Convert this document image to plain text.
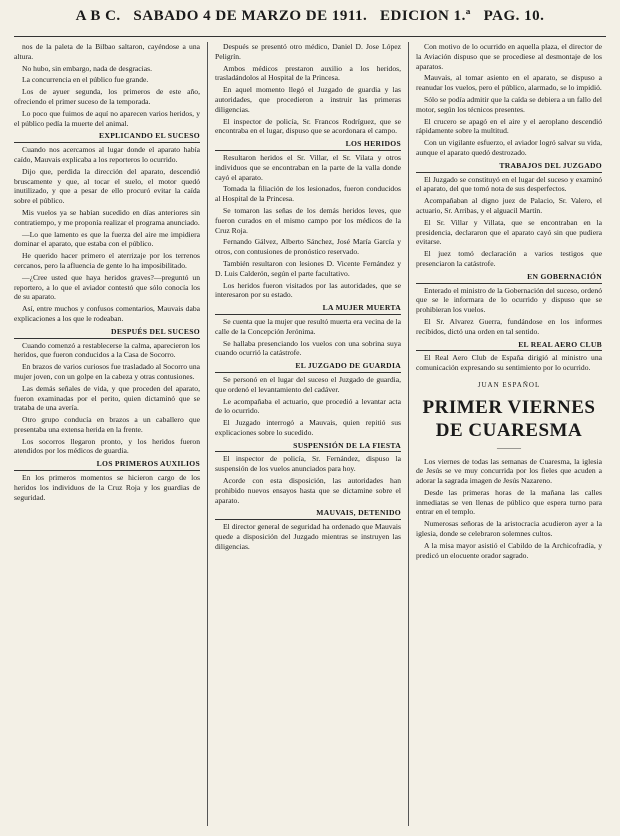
A B C. SABADO 4 DE MARZO DE 1911. EDICION 1.ª PAG. 10.

nos de la paleta de la Bilbao saltaron, cayéndose a una altura.

No hubo, sin embargo, nada de desgracias.

La concurrencia en el público fue grande.

Los de ayuer segunda, los primeros de este año, ofreciendo el primer suceso de la temporada.

Lo poco que fuimos de aquí no aparecen varios heridos, y el público pedía la muerte del animal.

EXPLICANDO EL SUCESO

Cuando nos acercamos al lugar donde el aparato había caído, Mauvais explicaba a los reporteros lo ocurrido.

Dijo que, perdida la dirección del aparato, descendió bruscamente y que, al tocar el suelo, el motor quedó inutilizado, y que a pesar de ello procuró evitar la caída sobre el público.

Mis vuelos ya se habían sucedido en días anteriores sin contratiempo, y me proponía realizar el programa anunciado.

—Lo que lamento es que la fuerza del aire me impidiera dominar el aparato, que estaba con el público.

He querido hacer primero el aterrizaje por los terrenos cercanos, pero la afluencia de gente lo ha imposibilitado.

—¿Cree usted que haya heridos graves?—preguntó un reportero, a lo que el aviador contestó que sólo conocía los de su aparato.

Así, entre muchos y confusos comentarios, Mauvais daba explicaciones a los que le rodeaban.

DESPUÉS DEL SUCESO

Cuando comenzó a restablecerse la calma, aparecieron los heridos, que fueron conducidos a la Casa de Socorro.

En brazos de varios curiosos fue trasladado al Socorro una mujer joven, con un golpe en la cabeza y otras contusiones.

Las demás señales de vida, y que proceden del aparato, fueron examinadas por el perito, quien dictaminó que se trataba de una avería.

Otro grupo conducía en brazos a un caballero que presentaba una extensa herida en la frente.

Los socorros llegaron pronto, y los heridos fueron atendidos por los médicos de guardia.

LOS PRIMEROS AUXILIOS

En los primeros momentos se hicieron cargo de los heridos los individuos de la Cruz Roja y los guardias de seguridad.

Después se presentó otro médico, Daniel D. Jose López Peligrín.

Ambos médicos prestaron auxilio a los heridos, trasladándolos al Hospital de la Princesa.

En aquel momento llegó el Juzgado de guardia y las autoridades, que procedieron a instruir las primeras diligencias.

El inspector de policía, Sr. Francos Rodríguez, que se encontraba en el lugar, dispuso que se acordonara el campo.

LOS HERIDOS

Resultaron heridos el Sr. Villar, el Sr. Vilata y otros individuos que se encontraban en la parte de la valla donde cayó el aparato.

Tomada la filiación de los lesionados, fueron conducidos al Hospital de la Princesa.

Se tomaron las señas de los demás heridos leves, que fueron curados en el mismo campo por los médicos de la Cruz Roja.

Fernando Gálvez, Alberto Sánchez, José María García y otros, con contusiones de pronóstico reservado.

También resultaron con lesiones D. Vicente Fernández y D. Luis Calderón, según el parte facultativo.

Los heridos fueron visitados por las autoridades, que se interesaron por su estado.

LA MUJER MUERTA

Se cuenta que la mujer que resultó muerta era vecina de la calle de la Concepción Jerónima.

Se hallaba presenciando los vuelos con una sobrina suya cuando ocurrió la catástrofe.

EL JUZGADO DE GUARDIA

Se personó en el lugar del suceso el Juzgado de guardia, que ordenó el levantamiento del cadáver.

Le acompañaba el actuario, que procedió a levantar acta de lo ocurrido.

El Juzgado interrogó a Mauvais, quien repitió sus explicaciones sobre lo sucedido.

SUSPENSIÓN DE LA FIESTA

El inspector de policía, Sr. Fernández, dispuso la suspensión de los vuelos anunciados para hoy.

Acorde con esta disposición, las autoridades han prohibido nuevos ensayos hasta que se dictamine sobre el aparato.

MAUVAIS, DETENIDO

El director general de seguridad ha ordenado que Mauvais quede a disposición del Juzgado mientras se instruyen las diligencias.

Con motivo de lo ocurrido en aquella plaza, el director de la Aviación dispuso que se procediese al desmontaje de los aparatos.

Mauvais, al tomar asiento en el aparato, se dispuso a reanudar los vuelos, pero el público, alarmado, se lo impidió.

Sólo se podía admitir que la caída se debiera a un fallo del motor, según los técnicos presentes.

El crucero se apagó en el aire y el aeroplano descendió rápidamente sobre la multitud.

Con un vigilante esfuerzo, el aviador logró salvar su vida, aunque el aparato quedó destrozado.

TRABAJOS DEL JUZGADO

El Juzgado se constituyó en el lugar del suceso y examinó el aparato, del que tomó nota de sus desperfectos.

Acompañaban al digno juez de Palacio, Sr. Valero, el actuario, Sr. Arribas, y el alguacil Martín.

El Sr. Villar y Villata, que se encontraban en la presidencia, declararon que el aparato cayó sin que pudiera evitarse.

El juez tomó declaración a varios testigos que presenciaron la catástrofe.

EN GOBERNACIÓN

Enterado el ministro de la Gobernación del suceso, ordenó que se le informara de lo ocurrido y dispuso que se prohibieran los vuelos.

El Sr. Alvarez Guerra, fundándose en los informes recibidos, dictó una orden en tal sentido.

EL REAL AERO CLUB

El Real Aero Club de España dirigió al ministro una comunicación expresando su sentimiento por lo ocurrido.

JUAN ESPAÑOL
PRIMER VIERNES
DE CUARESMA
———

Los viernes de todas las semanas de Cuaresma, la iglesia de Jesús se ve muy concurrida por los fieles que acuden a adorar la sagrada imagen de Jesús Nazareno.

Desde las primeras horas de la mañana las calles inmediatas se ven llenas de público que espera turno para entrar en el templo.

Numerosas señoras de la aristocracia acudieron ayer a la iglesia, donde se celebraron solemnes cultos.

A la misa mayor asistió el Cabildo de la Archicofradía, y predicó un elocuente orador sagrado.
